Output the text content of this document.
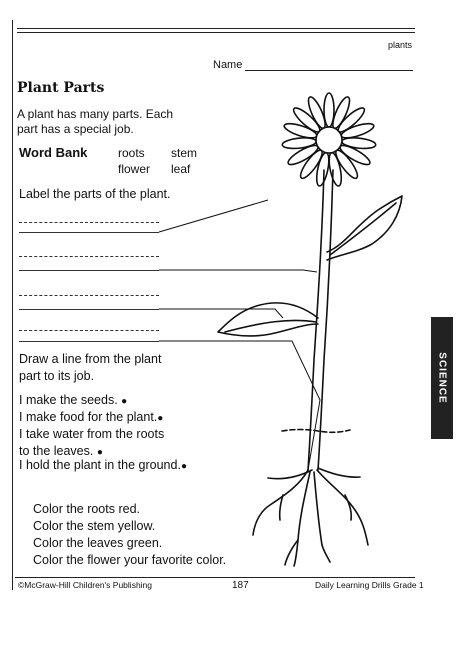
plants
Name
Plant Parts
A plant has many parts. Each part has a special job.
Word Bank	roots stem
flower leaf
Label the parts of the plant.
Draw a line from the plant part to its job.
I make the seeds. ●
I make food for the plant.●
I take water from the roots
to the leaves. ●
I hold the plant in the ground.●
Color the roots red.
Color the stem yellow.
Color the leaves green.
Color the flower your favorite color.
SCIENCE
©McGraw-Hill Children's Publishing	187	Daily Learning Drills Grade 1
